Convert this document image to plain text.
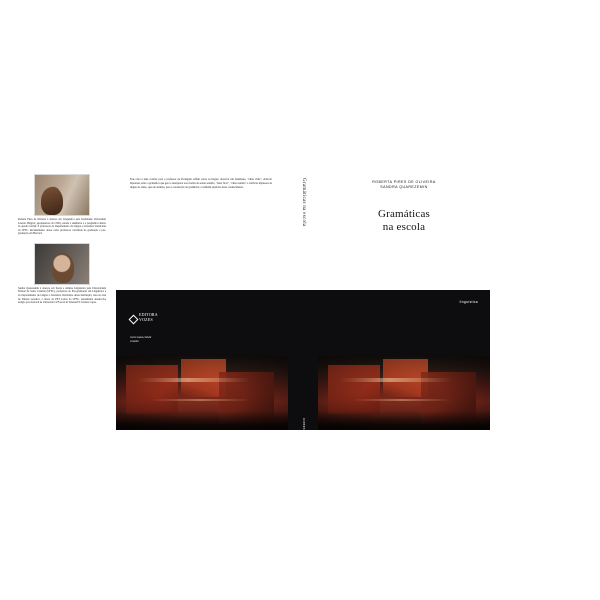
Roberta Pires de Oliveira é doutora em Linguística pela Katholieke Universiteit Leuven, Bélgica; pesquisadora do CNPq, estuda a semântica e a pragmática dentro do quadro formal. É professora do Departamento de Língua e Literatura Vernáculas da UFSC. Recentemente, atuou como professora convidada na graduação e pós-graduação em Harvard.
Sandra Quarezemin é doutora em Teoria e Análise Linguística pela Universidade Federal de Santa Catarina (UFSC), professora do Pós-graduação em Linguística e do Departamento de Língua e Literatura Vernáculas dessa instituição; atua na área de Sintaxe Gerativa, é tutora do PET Letras da UFSC. Atualmente desenvolve estágio pós-doutoral na Università Ca'Foscari di Venezia/IT, bolsista Capes.
Este obra é uma convite para o professor de Português refletir sobre su língua: observar um fenômeno, "olhar vinte", elaborar hipóteses sobre a gramática que gera e interpretar essa forma de sentar sentido, "fazer ficar", "olhar sentido" e verificar hipóteses da língua do aluno, que ele domina, para a construção da gramática; e também explícito deste conhecimento.
EDITORA
VOZES
www.vozes.com.br
vozesbr
Gramáticas na escola
ROBERTA PIRES DE OLIVEIRA SANDRA QUAREZEMIN
ROBERTA PIRES DE OLIVEIRA
SANDRA QUAREZEMIN
Gramáticas
na escola
linguística
